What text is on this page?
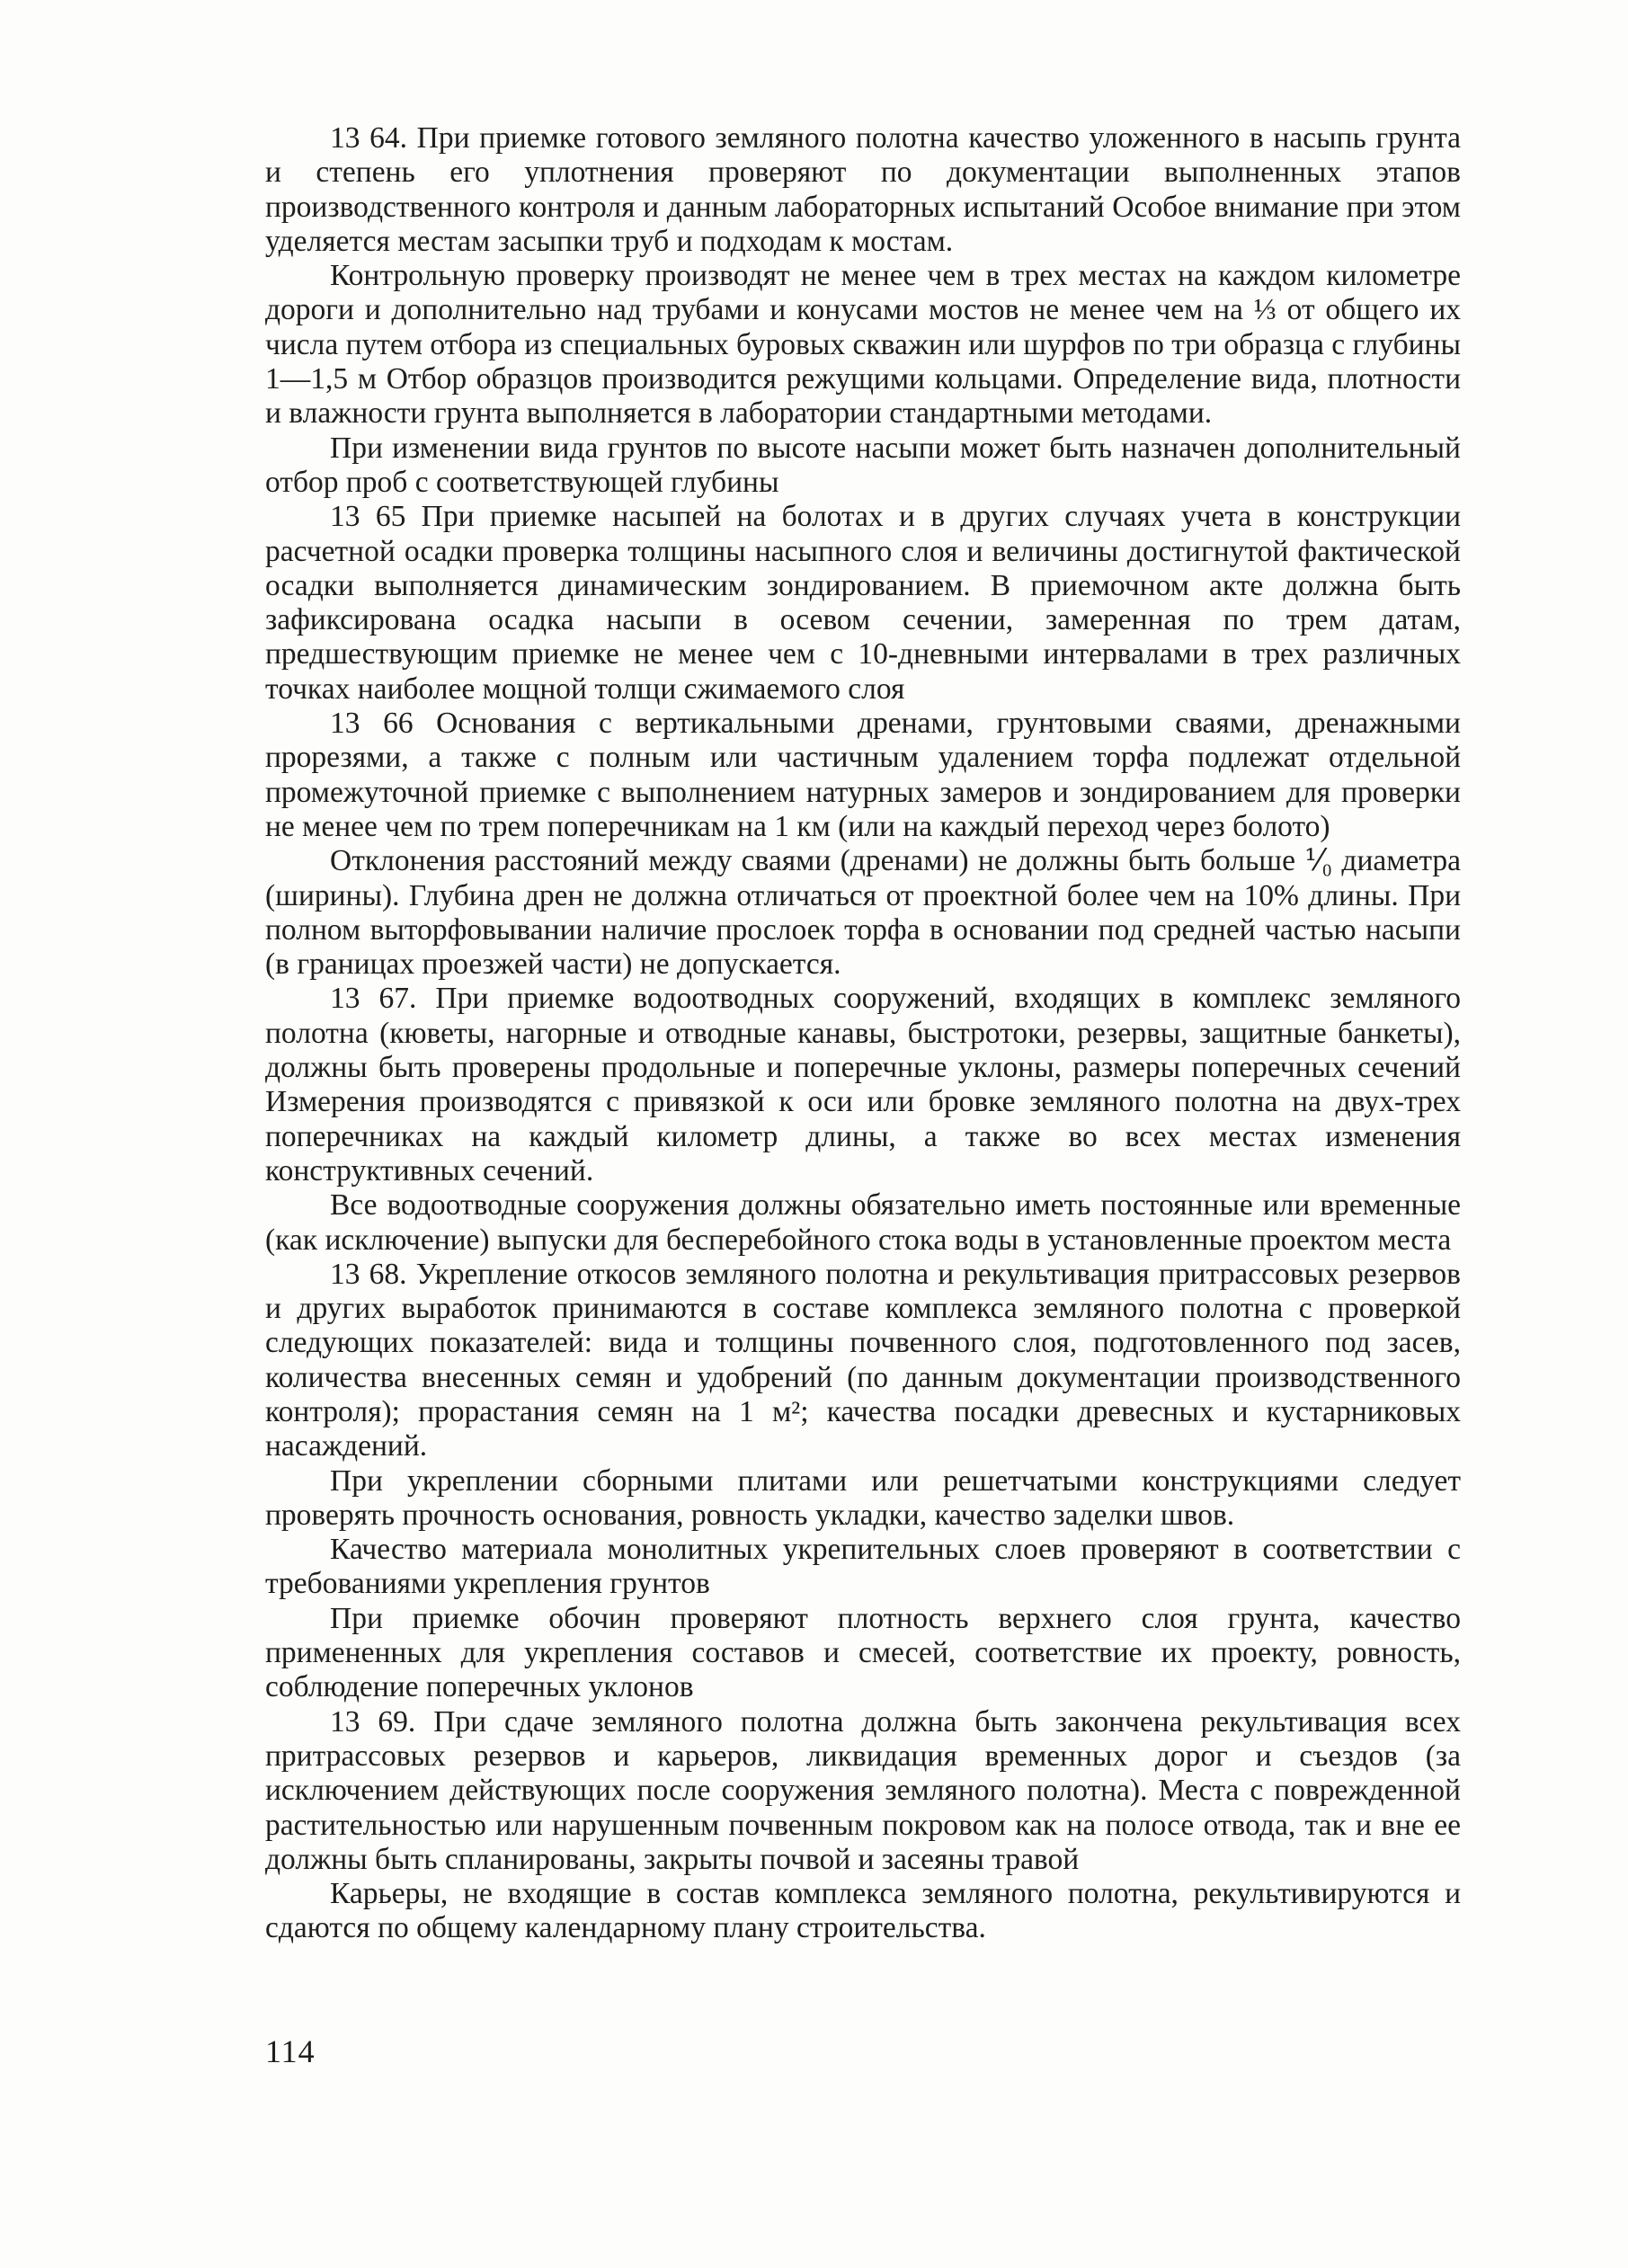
13 64. При приемке готового земляного полотна качество уложенного в насыпь грунта и степень его уплотнения проверяют по документации выполненных этапов производственного контроля и данным лабораторных испытаний Особое внимание при этом уделяется местам засыпки труб и подходам к мостам.

Контрольную проверку производят не менее чем в трех местах на каждом километре дороги и дополнительно над трубами и конусами мостов не менее чем на ⅓ от общего их числа путем отбора из специальных буровых скважин или шурфов по три образца с глубины 1—1,5 м Отбор образцов производится режущими кольцами. Определение вида, плотности и влажности грунта выполняется в лаборатории стандартными методами.

При изменении вида грунтов по высоте насыпи может быть назначен дополнительный отбор проб с соответствующей глубины

13 65 При приемке насыпей на болотах и в других случаях учета в конструкции расчетной осадки проверка толщины насыпного слоя и величины достигнутой фактической осадки выполняется динамическим зондированием. В приемочном акте должна быть зафиксирована осадка насыпи в осевом сечении, замеренная по трем датам, предшествующим приемке не менее чем с 10-дневными интервалами в трех различных точках наиболее мощной толщи сжимаемого слоя

13 66 Основания с вертикальными дренами, грунтовыми сваями, дренажными прорезями, а также с полным или частичным удалением торфа подлежат отдельной промежуточной приемке с выполнением натурных замеров и зондированием для проверки не менее чем по трем поперечникам на 1 км (или на каждый переход через болото)

Отклонения расстояний между сваями (дренами) не должны быть больше ⅟₀ диаметра (ширины). Глубина дрен не должна отличаться от проектной более чем на 10% длины. При полном выторфовывании наличие прослоек торфа в основании под средней частью насыпи (в границах проезжей части) не допускается.

13 67. При приемке водоотводных сооружений, входящих в комплекс земляного полотна (кюветы, нагорные и отводные канавы, быстротоки, резервы, защитные банкеты), должны быть проверены продольные и поперечные уклоны, размеры поперечных сечений Измерения производятся с привязкой к оси или бровке земляного полотна на двух-трех поперечниках на каждый километр длины, а также во всех местах изменения конструктивных сечений.

Все водоотводные сооружения должны обязательно иметь постоянные или временные (как исключение) выпуски для бесперебойного стока воды в установленные проектом места

13 68. Укрепление откосов земляного полотна и рекультивация притрассовых резервов и других выработок принимаются в составе комплекса земляного полотна с проверкой следующих показателей: вида и толщины почвенного слоя, подготовленного под засев, количества внесенных семян и удобрений (по данным документации производственного контроля); прорастания семян на 1 м²; качества посадки древесных и кустарниковых насаждений.

При укреплении сборными плитами или решетчатыми конструкциями следует проверять прочность основания, ровность укладки, качество заделки швов.

Качество материала монолитных укрепительных слоев проверяют в соответствии с требованиями укрепления грунтов

При приемке обочин проверяют плотность верхнего слоя грунта, качество примененных для укрепления составов и смесей, соответствие их проекту, ровность, соблюдение поперечных уклонов

13 69. При сдаче земляного полотна должна быть закончена рекультивация всех притрассовых резервов и карьеров, ликвидация временных дорог и съездов (за исключением действующих после сооружения земляного полотна). Места с поврежденной растительностью или нарушенным почвенным покровом как на полосе отвода, так и вне ее должны быть спланированы, закрыты почвой и засеяны травой

Карьеры, не входящие в состав комплекса земляного полотна, рекультивируются и сдаются по общему календарному плану строительства.

114
